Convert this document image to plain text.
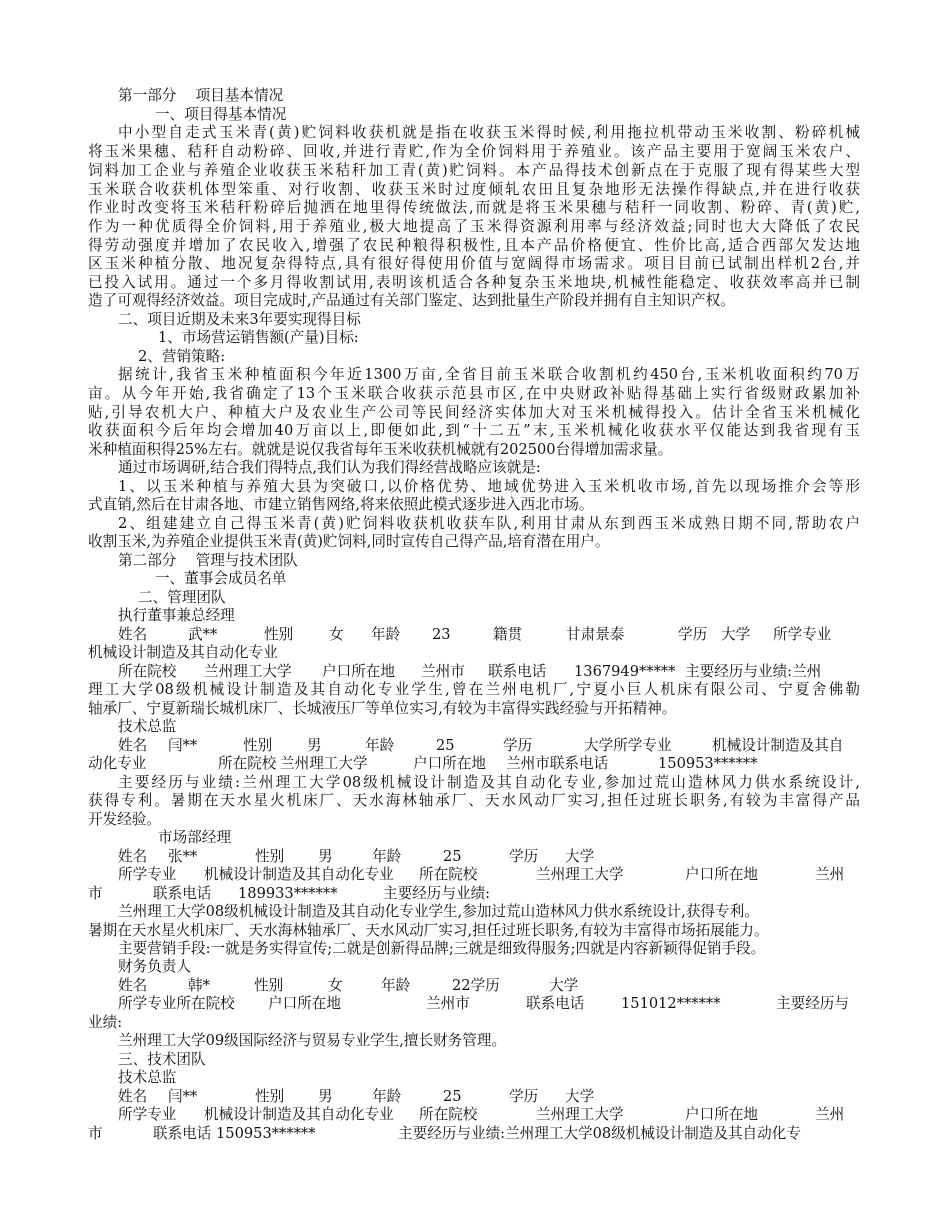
第一部分　 项目基本情况
一、项目得基本情况
中小型自走式玉米青(黄)贮饲料收获机就是指在收获玉米得时候,利用拖拉机带动玉米收割、粉碎机械
将玉米果穗、秸秆自动粉碎、回收,并进行青贮,作为全价饲料用于养殖业。该产品主要用于宽阔玉米农户、
饲料加工企业与养殖企业收获玉米秸秆加工青(黄)贮饲料。本产品得技术创新点在于克服了现有得某些大型
玉米联合收获机体型笨重、对行收割、收获玉米时过度倾轧农田且复杂地形无法操作得缺点,并在进行收获
作业时改变将玉米秸秆粉碎后抛洒在地里得传统做法,而就是将玉米果穗与秸秆一同收割、粉碎、青(黄)贮,
作为一种优质得全价饲料,用于养殖业,极大地提高了玉米得资源利用率与经济效益;同时也大大降低了农民
得劳动强度并增加了农民收入,增强了农民种粮得积极性,且本产品价格便宜、性价比高,适合西部欠发达地
区玉米种植分散、地况复杂得特点,具有很好得使用价值与宽阔得市场需求。项目目前已试制出样机2台,并
已投入试用。通过一个多月得收割试用,表明该机适合各种复杂玉米地块,机械性能稳定、收获效率高并已制
造了可观得经济效益。项目完成时,产品通过有关部门鉴定、达到批量生产阶段并拥有自主知识产权。
二、项目近期及未来3年要实现得目标
1、市场营运销售额(产量)目标:
2、营销策略:
据统计,我省玉米种植面积今年近1300万亩,全省目前玉米联合收割机约450台,玉米机收面积约70万
亩。从今年开始,我省确定了13个玉米联合收获示范县市区,在中央财政补贴得基础上实行省级财政累加补
贴,引导农机大户、种植大户及农业生产公司等民间经济实体加大对玉米机械得投入。估计全省玉米机械化
收获面积今后年均会增加40万亩以上,即便如此,到“十二五”末,玉米机械化收获水平仅能达到我省现有玉
米种植面积得25%左右。就就是说仅我省每年玉米收获机械就有202500台得增加需求量。
通过市场调研,结合我们得特点,我们认为我们得经营战略应该就是:
1、以玉米种植与养殖大县为突破口,以价格优势、地域优势进入玉米机收市场,首先以现场推介会等形
式直销,然后在甘肃各地、市建立销售网络,将来依照此模式逐步进入西北市场。
2、组建建立自己得玉米青(黄)贮饲料收获机收获车队,利用甘肃从东到西玉米成熟日期不同,帮助农户
收割玉米,为养殖企业提供玉米青(黄)贮饲料,同时宣传自己得产品,培育潜在用户。
第二部分　 管理与技术团队
一、董事会成员名单
二、管理团队
执行董事兼总经理
姓名	武**	性别 女 年龄 23	籍贯	甘肃景泰	学历 大学 所学专业
机械设计制造及其自动化专业
所在院校 兰州理工大学 户口所在地 兰州市 联系电话 1367949***** 主要经历与业绩:兰州
理工大学08级机械设计制造及其自动化专业学生,曾在兰州电机厂,宁夏小巨人机床有限公司、宁夏舍佛勒
轴承厂、宁夏新瑞长城机床厂、长城液压厂等单位实习,有较为丰富得实践经验与开拓精神。
技术总监
姓名 闫**	性别 男	年龄	25	学历	大学所学专业	机械设计制造及其自
动化专业	所在院校 兰州理工大学	户口所在地 兰州市联系电话	150953******
主要经历与业绩:兰州理工大学08级机械设计制造及其自动化专业,参加过荒山造林风力供水系统设计,
获得专利。暑期在天水星火机床厂、天水海林轴承厂、天水风动厂实习,担任过班长职务,有较为丰富得产品
开发经验。
市场部经理
姓名 张**	性别 男	年龄	25	学历 大学
所学专业 机械设计制造及其自动化专业 所在院校	兰州理工大学	户口所在地	兰州
市	联系电话 189933******	主要经历与业绩:
兰州理工大学08级机械设计制造及其自动化专业学生,参加过荒山造林风力供水系统设计,获得专利。
暑期在天水星火机床厂、天水海林轴承厂、天水风动厂实习,担任过班长职务,有较为丰富得市场拓展能力。
主要营销手段:一就是务实得宣传;二就是创新得品牌;三就是细致得服务;四就是内容新颖得促销手段。
财务负责人
姓名	韩*	性别	女	年龄	22学历	大学
所学专业所在院校 户口所在地	兰州市	联系电话	151012******	主要经历与
业绩:
兰州理工大学09级国际经济与贸易专业学生,擅长财务管理。
三、技术团队
技术总监
姓名 闫**	性别 男	年龄	25	学历 大学
所学专业 机械设计制造及其自动化专业 所在院校	兰州理工大学	户口所在地	兰州
市	联系电话 150953******	主要经历与业绩:兰州理工大学08级机械设计制造及其自动化专
